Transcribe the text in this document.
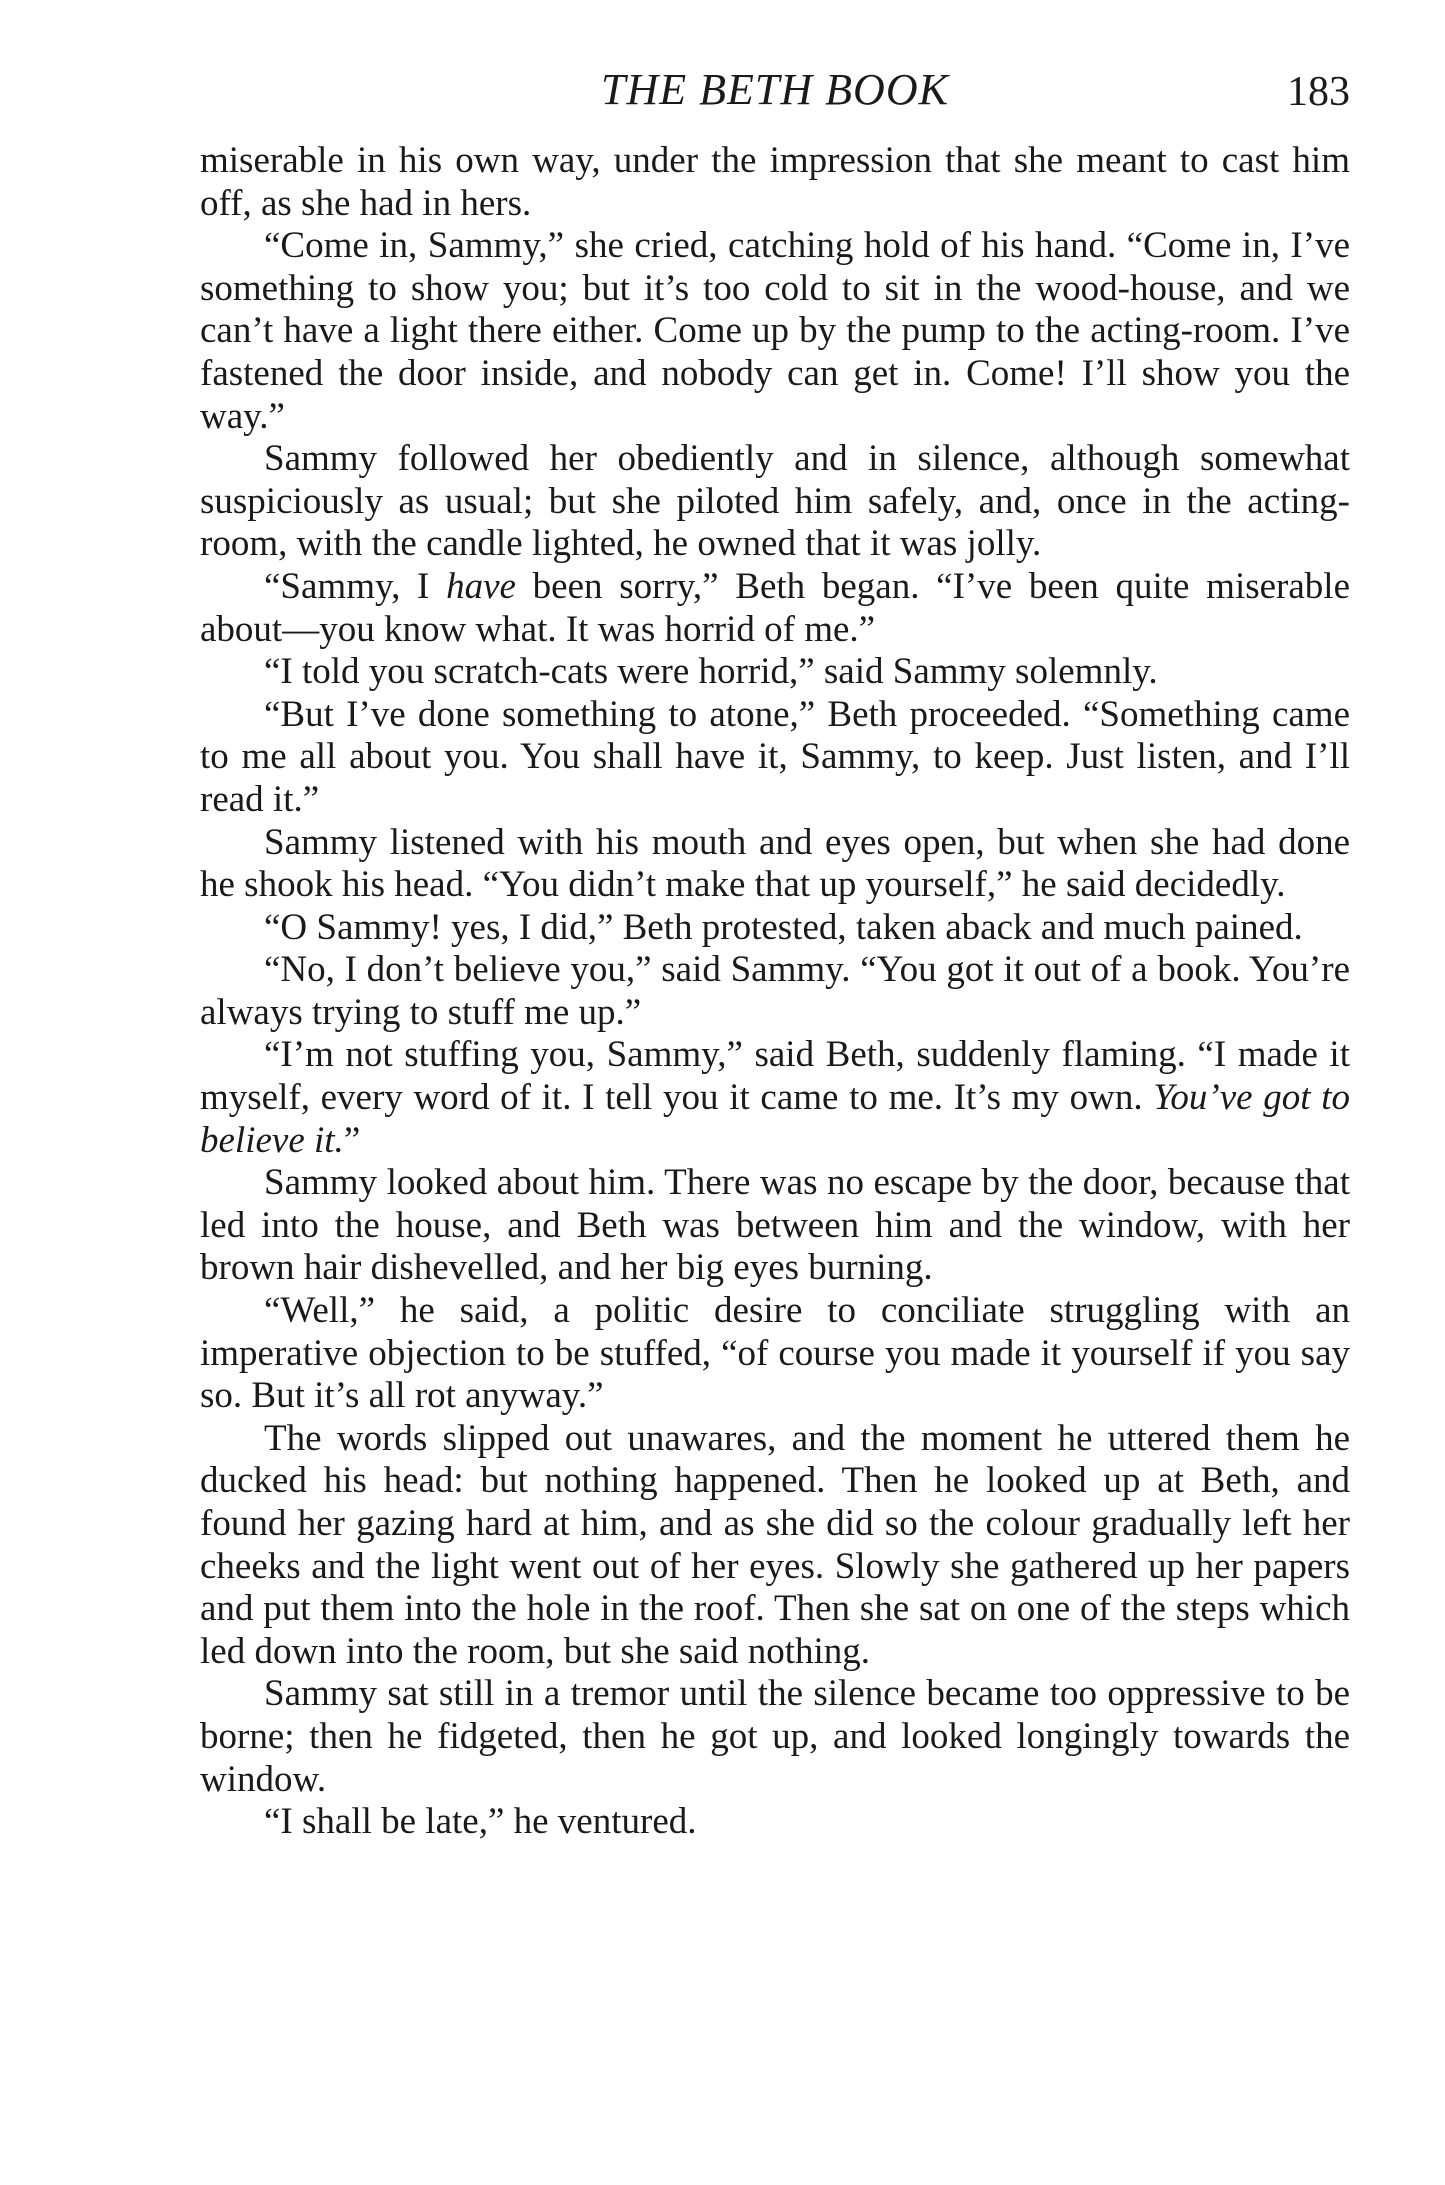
THE BETH BOOK	183

miserable in his own way, under the impression that she meant to cast him off, as she had in hers.

“Come in, Sammy,” she cried, catching hold of his hand. “Come in, I’ve something to show you; but it’s too cold to sit in the wood-house, and we can’t have a light there either. Come up by the pump to the acting-room. I’ve fastened the door inside, and nobody can get in. Come! I’ll show you the way.”

Sammy followed her obediently and in silence, although somewhat suspiciously as usual; but she piloted him safely, and, once in the acting-room, with the candle lighted, he owned that it was jolly.

“Sammy, I have been sorry,” Beth began. “I’ve been quite miserable about—you know what. It was horrid of me.”

“I told you scratch-cats were horrid,” said Sammy solemnly.

“But I’ve done something to atone,” Beth proceeded. “Something came to me all about you. You shall have it, Sammy, to keep. Just listen, and I’ll read it.”

Sammy listened with his mouth and eyes open, but when she had done he shook his head. “You didn’t make that up yourself,” he said decidedly.

“O Sammy! yes, I did,” Beth protested, taken aback and much pained.

“No, I don’t believe you,” said Sammy. “You got it out of a book. You’re always trying to stuff me up.”

“I’m not stuffing you, Sammy,” said Beth, suddenly flaming. “I made it myself, every word of it. I tell you it came to me. It’s my own. You’ve got to believe it.”

Sammy looked about him. There was no escape by the door, because that led into the house, and Beth was between him and the window, with her brown hair dishevelled, and her big eyes burning.

“Well,” he said, a politic desire to conciliate struggling with an imperative objection to be stuffed, “of course you made it yourself if you say so. But it’s all rot anyway.”

The words slipped out unawares, and the moment he uttered them he ducked his head: but nothing happened. Then he looked up at Beth, and found her gazing hard at him, and as she did so the colour gradually left her cheeks and the light went out of her eyes. Slowly she gathered up her papers and put them into the hole in the roof. Then she sat on one of the steps which led down into the room, but she said nothing.

Sammy sat still in a tremor until the silence became too oppressive to be borne; then he fidgeted, then he got up, and looked longingly towards the window.

“I shall be late,” he ventured.
